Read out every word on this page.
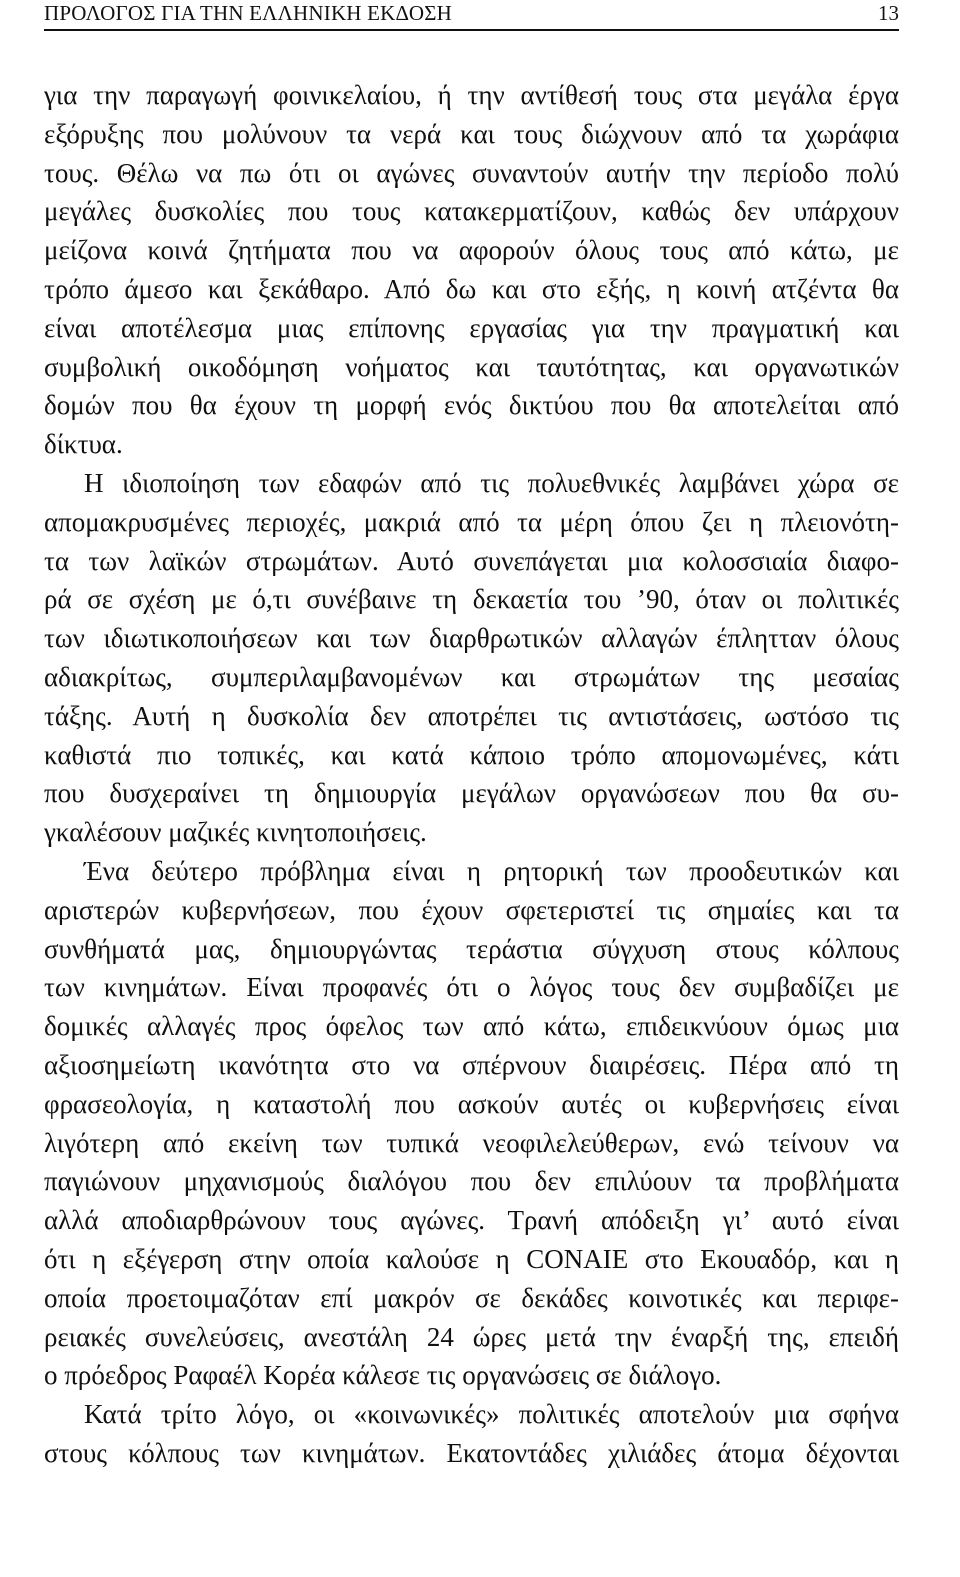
ΠΡΟΛΟΓΟΣ ΓΙΑ ΤΗΝ ΕΛΛΗΝΙΚΗ ΕΚΔΟΣΗ	13
για την παραγωγή φοινικελαίου, ή την αντίθεσή τους στα μεγάλα έργα
εξόρυξης που μολύνουν τα νερά και τους διώχνουν από τα χωράφια
τους. Θέλω να πω ότι οι αγώνες συναντούν αυτήν την περίοδο πολύ
μεγάλες δυσκολίες που τους κατακερματίζουν, καθώς δεν υπάρχουν
μείζονα κοινά ζητήματα που να αφορούν όλους τους από κάτω, με
τρόπο άμεσο και ξεκάθαρο. Από δω και στο εξής, η κοινή ατζέντα θα
είναι αποτέλεσμα μιας επίπονης εργασίας για την πραγματική και
συμβολική οικοδόμηση νοήματος και ταυτότητας, και οργανωτικών
δομών που θα έχουν τη μορφή ενός δικτύου που θα αποτελείται από
δίκτυα.
Η ιδιοποίηση των εδαφών από τις πολυεθνικές λαμβάνει χώρα σε
απομακρυσμένες περιοχές, μακριά από τα μέρη όπου ζει η πλειονότη-
τα των λαϊκών στρωμάτων. Αυτό συνεπάγεται μια κολοσσιαία διαφο-
ρά σε σχέση με ό,τι συνέβαινε τη δεκαετία του ’90, όταν οι πολιτικές
των ιδιωτικοποιήσεων και των διαρθρωτικών αλλαγών έπλητταν όλους
αδιακρίτως, συμπεριλαμβανομένων και στρωμάτων της μεσαίας
τάξης. Αυτή η δυσκολία δεν αποτρέπει τις αντιστάσεις, ωστόσο τις
καθιστά πιο τοπικές, και κατά κάποιο τρόπο απομονωμένες, κάτι
που δυσχεραίνει τη δημιουργία μεγάλων οργανώσεων που θα συ-
γκαλέσουν μαζικές κινητοποιήσεις.
Ένα δεύτερο πρόβλημα είναι η ρητορική των προοδευτικών και
αριστερών κυβερνήσεων, που έχουν σφετεριστεί τις σημαίες και τα
συνθήματά μας, δημιουργώντας τεράστια σύγχυση στους κόλπους
των κινημάτων. Είναι προφανές ότι ο λόγος τους δεν συμβαδίζει με
δομικές αλλαγές προς όφελος των από κάτω, επιδεικνύουν όμως μια
αξιοσημείωτη ικανότητα στο να σπέρνουν διαιρέσεις. Πέρα από τη
φρασεολογία, η καταστολή που ασκούν αυτές οι κυβερνήσεις είναι
λιγότερη από εκείνη των τυπικά νεοφιλελεύθερων, ενώ τείνουν να
παγιώνουν μηχανισμούς διαλόγου που δεν επιλύουν τα προβλήματα
αλλά αποδιαρθρώνουν τους αγώνες. Τρανή απόδειξη γι’ αυτό είναι
ότι η εξέγερση στην οποία καλούσε η CONAIE στο Εκουαδόρ, και η
οποία προετοιμαζόταν επί μακρόν σε δεκάδες κοινοτικές και περιφε-
ρειακές συνελεύσεις, ανεστάλη 24 ώρες μετά την έναρξή της, επειδή
ο πρόεδρος Ραφαέλ Κορέα κάλεσε τις οργανώσεις σε διάλογο.
Κατά τρίτο λόγο, οι «κοινωνικές» πολιτικές αποτελούν μια σφήνα
στους κόλπους των κινημάτων. Εκατοντάδες χιλιάδες άτομα δέχονται
